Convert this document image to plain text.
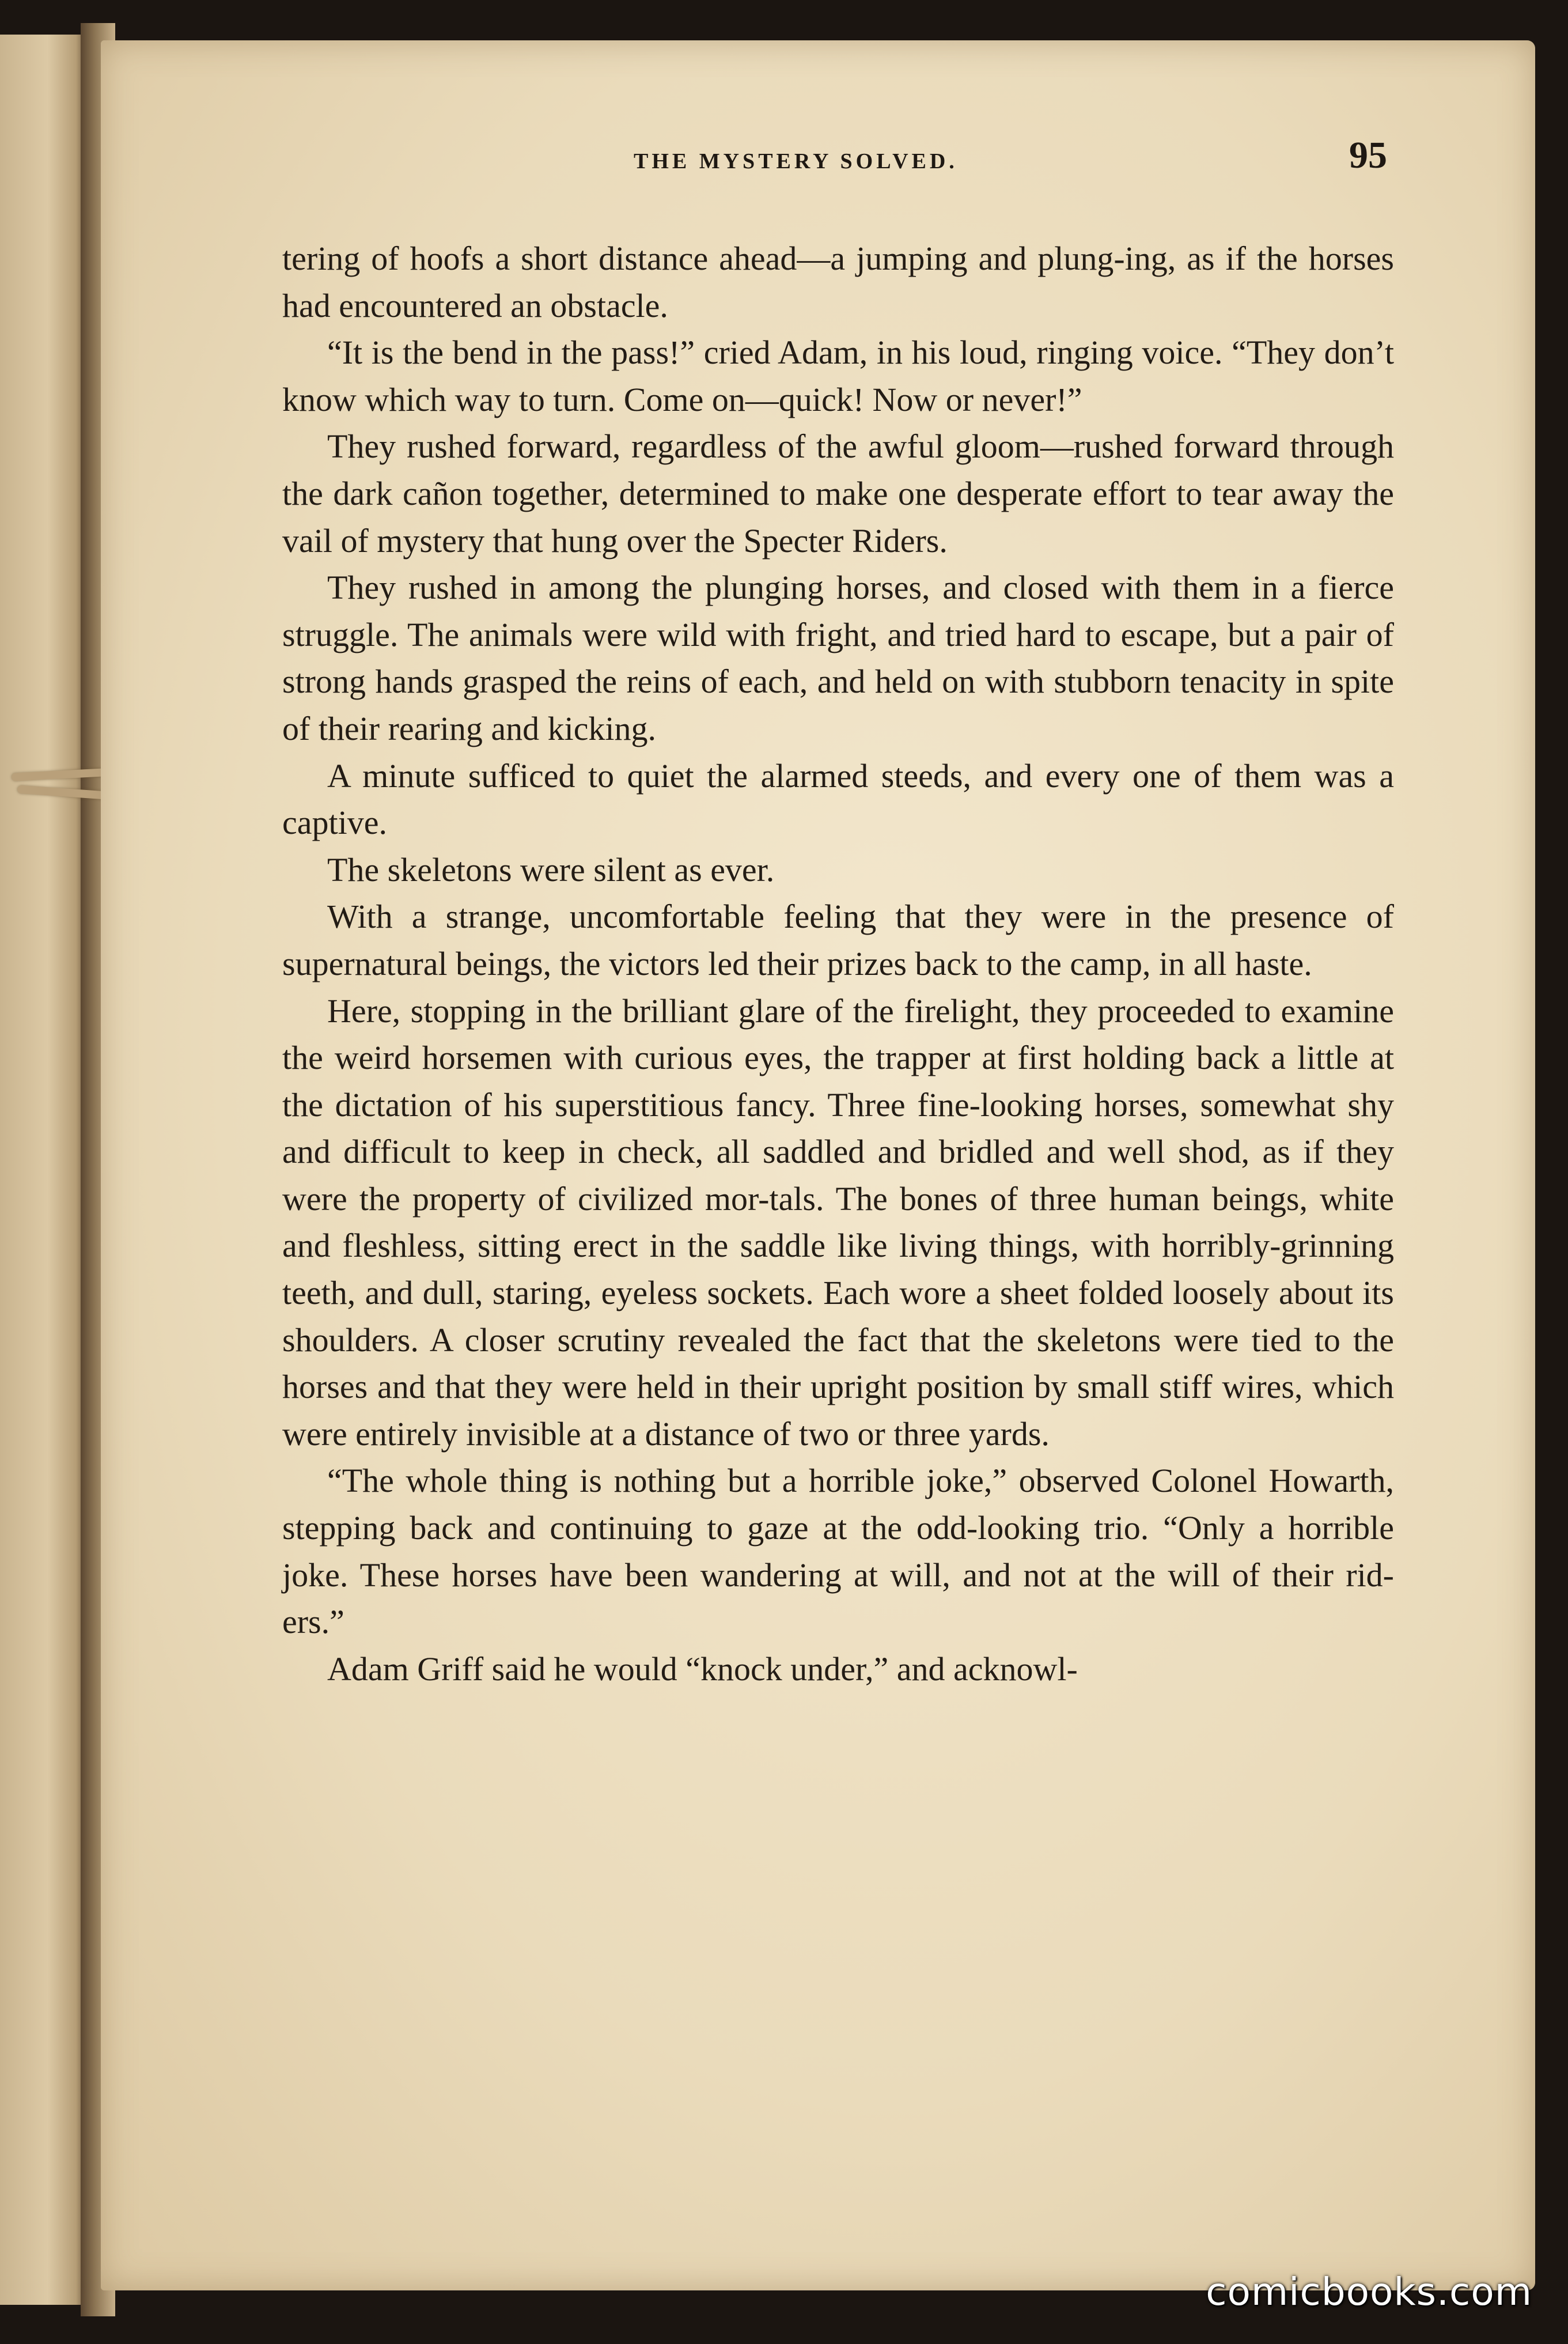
THE MYSTERY SOLVED.	95

tering of hoofs a short distance ahead—a jumping and plung-ing, as if the horses had encountered an obstacle.

“It is the bend in the pass!” cried Adam, in his loud, ringing voice. “They don’t know which way to turn. Come on—quick! Now or never!”

They rushed forward, regardless of the awful gloom—rushed forward through the dark cañon together, determined to make one desperate effort to tear away the vail of mystery that hung over the Specter Riders.

They rushed in among the plunging horses, and closed with them in a fierce struggle. The animals were wild with fright, and tried hard to escape, but a pair of strong hands grasped the reins of each, and held on with stubborn tenacity in spite of their rearing and kicking.

A minute sufficed to quiet the alarmed steeds, and every one of them was a captive.

The skeletons were silent as ever.

With a strange, uncomfortable feeling that they were in the presence of supernatural beings, the victors led their prizes back to the camp, in all haste.

Here, stopping in the brilliant glare of the firelight, they proceeded to examine the weird horsemen with curious eyes, the trapper at first holding back a little at the dictation of his superstitious fancy. Three fine-looking horses, somewhat shy and difficult to keep in check, all saddled and bridled and well shod, as if they were the property of civilized mor-tals. The bones of three human beings, white and fleshless, sitting erect in the saddle like living things, with horribly-grinning teeth, and dull, staring, eyeless sockets. Each wore a sheet folded loosely about its shoulders. A closer scrutiny revealed the fact that the skeletons were tied to the horses and that they were held in their upright position by small stiff wires, which were entirely invisible at a distance of two or three yards.

“The whole thing is nothing but a horrible joke,” observed Colonel Howarth, stepping back and continuing to gaze at the odd-looking trio. “Only a horrible joke. These horses have been wandering at will, and not at the will of their rid-ers.”

Adam Griff said he would “knock under,” and acknowl-

comicbooks.com
